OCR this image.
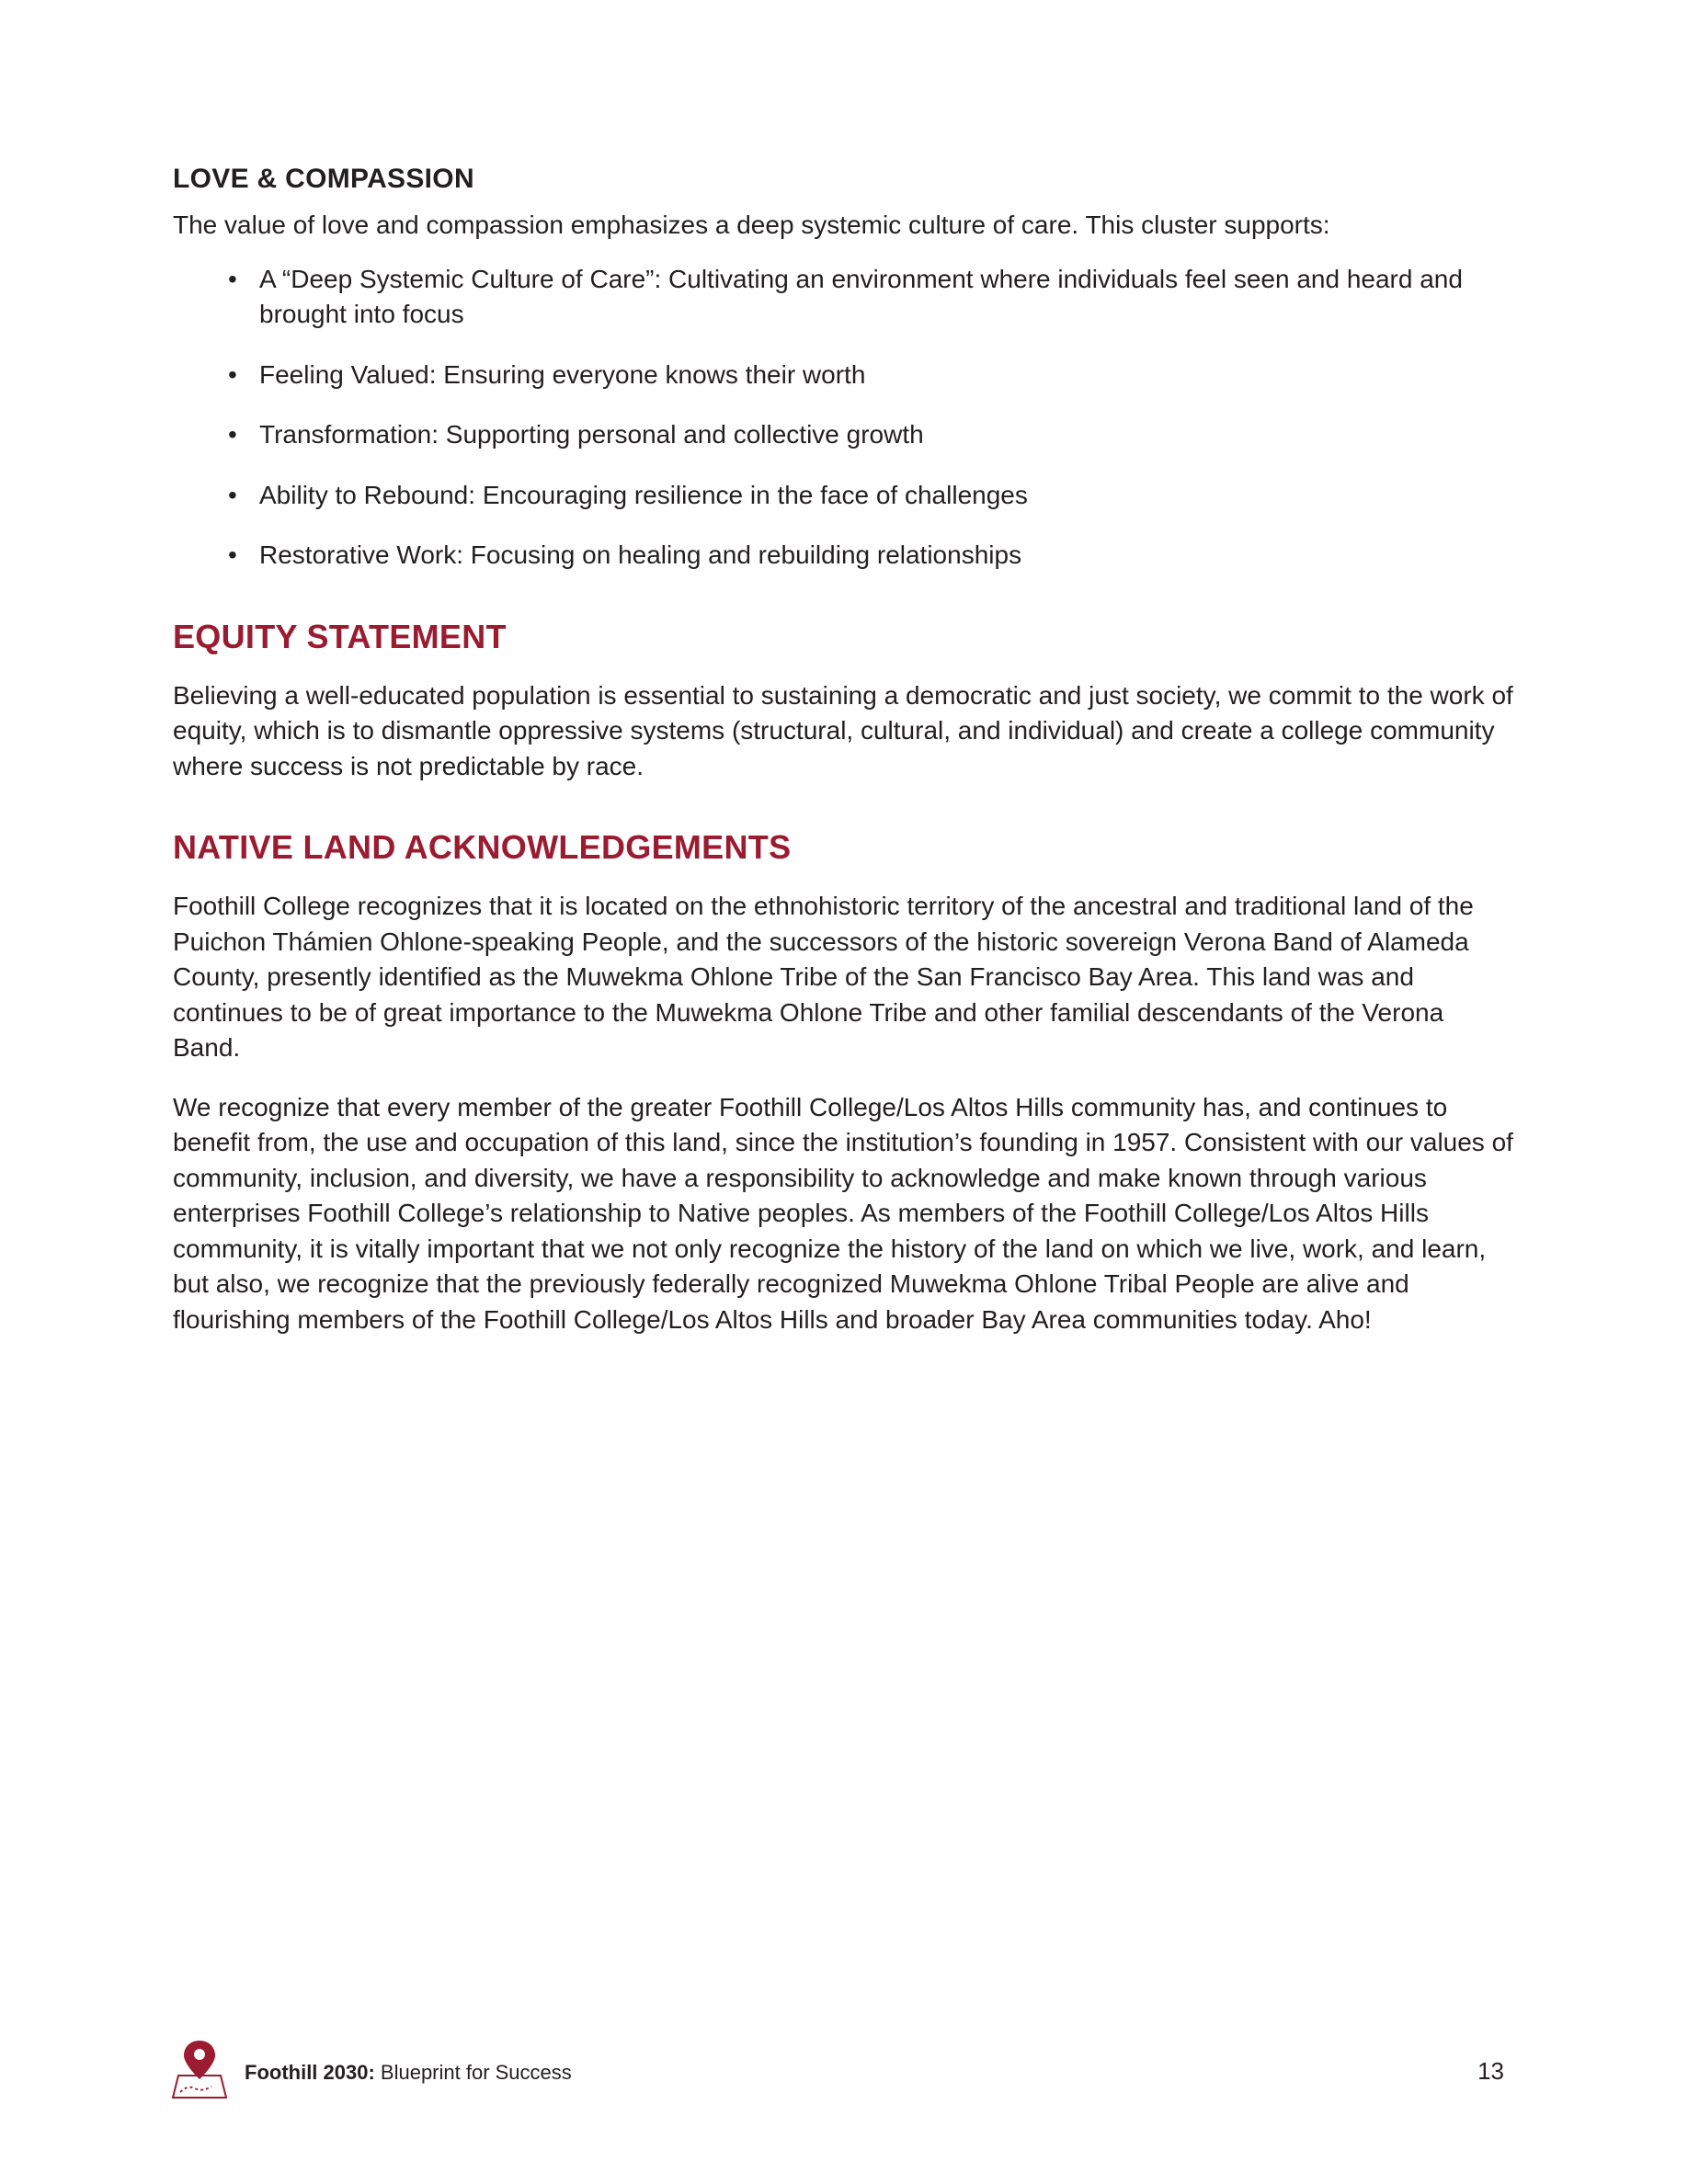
LOVE & COMPASSION

The value of love and compassion emphasizes a deep systemic culture of care. This cluster supports:

• A “Deep Systemic Culture of Care”: Cultivating an environment where individuals feel seen and heard and brought into focus
• Feeling Valued: Ensuring everyone knows their worth
• Transformation: Supporting personal and collective growth
• Ability to Rebound: Encouraging resilience in the face of challenges
• Restorative Work: Focusing on healing and rebuilding relationships
EQUITY STATEMENT

Believing a well-educated population is essential to sustaining a democratic and just society, we commit to the work of equity, which is to dismantle oppressive systems (structural, cultural, and individual) and create a college community where success is not predictable by race.

NATIVE LAND ACKNOWLEDGEMENTS

Foothill College recognizes that it is located on the ethnohistoric territory of the ancestral and traditional land of the Puichon Thámien Ohlone-speaking People, and the successors of the historic sovereign Verona Band of Alameda County, presently identified as the Muwekma Ohlone Tribe of the San Francisco Bay Area. This land was and continues to be of great importance to the Muwekma Ohlone Tribe and other familial descendants of the Verona Band.

We recognize that every member of the greater Foothill College/Los Altos Hills community has, and continues to benefit from, the use and occupation of this land, since the institution’s founding in 1957. Consistent with our values of community, inclusion, and diversity, we have a responsibility to acknowledge and make known through various enterprises Foothill College’s relationship to Native peoples. As members of the Foothill College/Los Altos Hills community, it is vitally important that we not only recognize the history of the land on which we live, work, and learn, but also, we recognize that the previously federally recognized Muwekma Ohlone Tribal People are alive and flourishing members of the Foothill College/Los Altos Hills and broader Bay Area communities today. Aho!

Foothill 2030: Blueprint for Success	13
